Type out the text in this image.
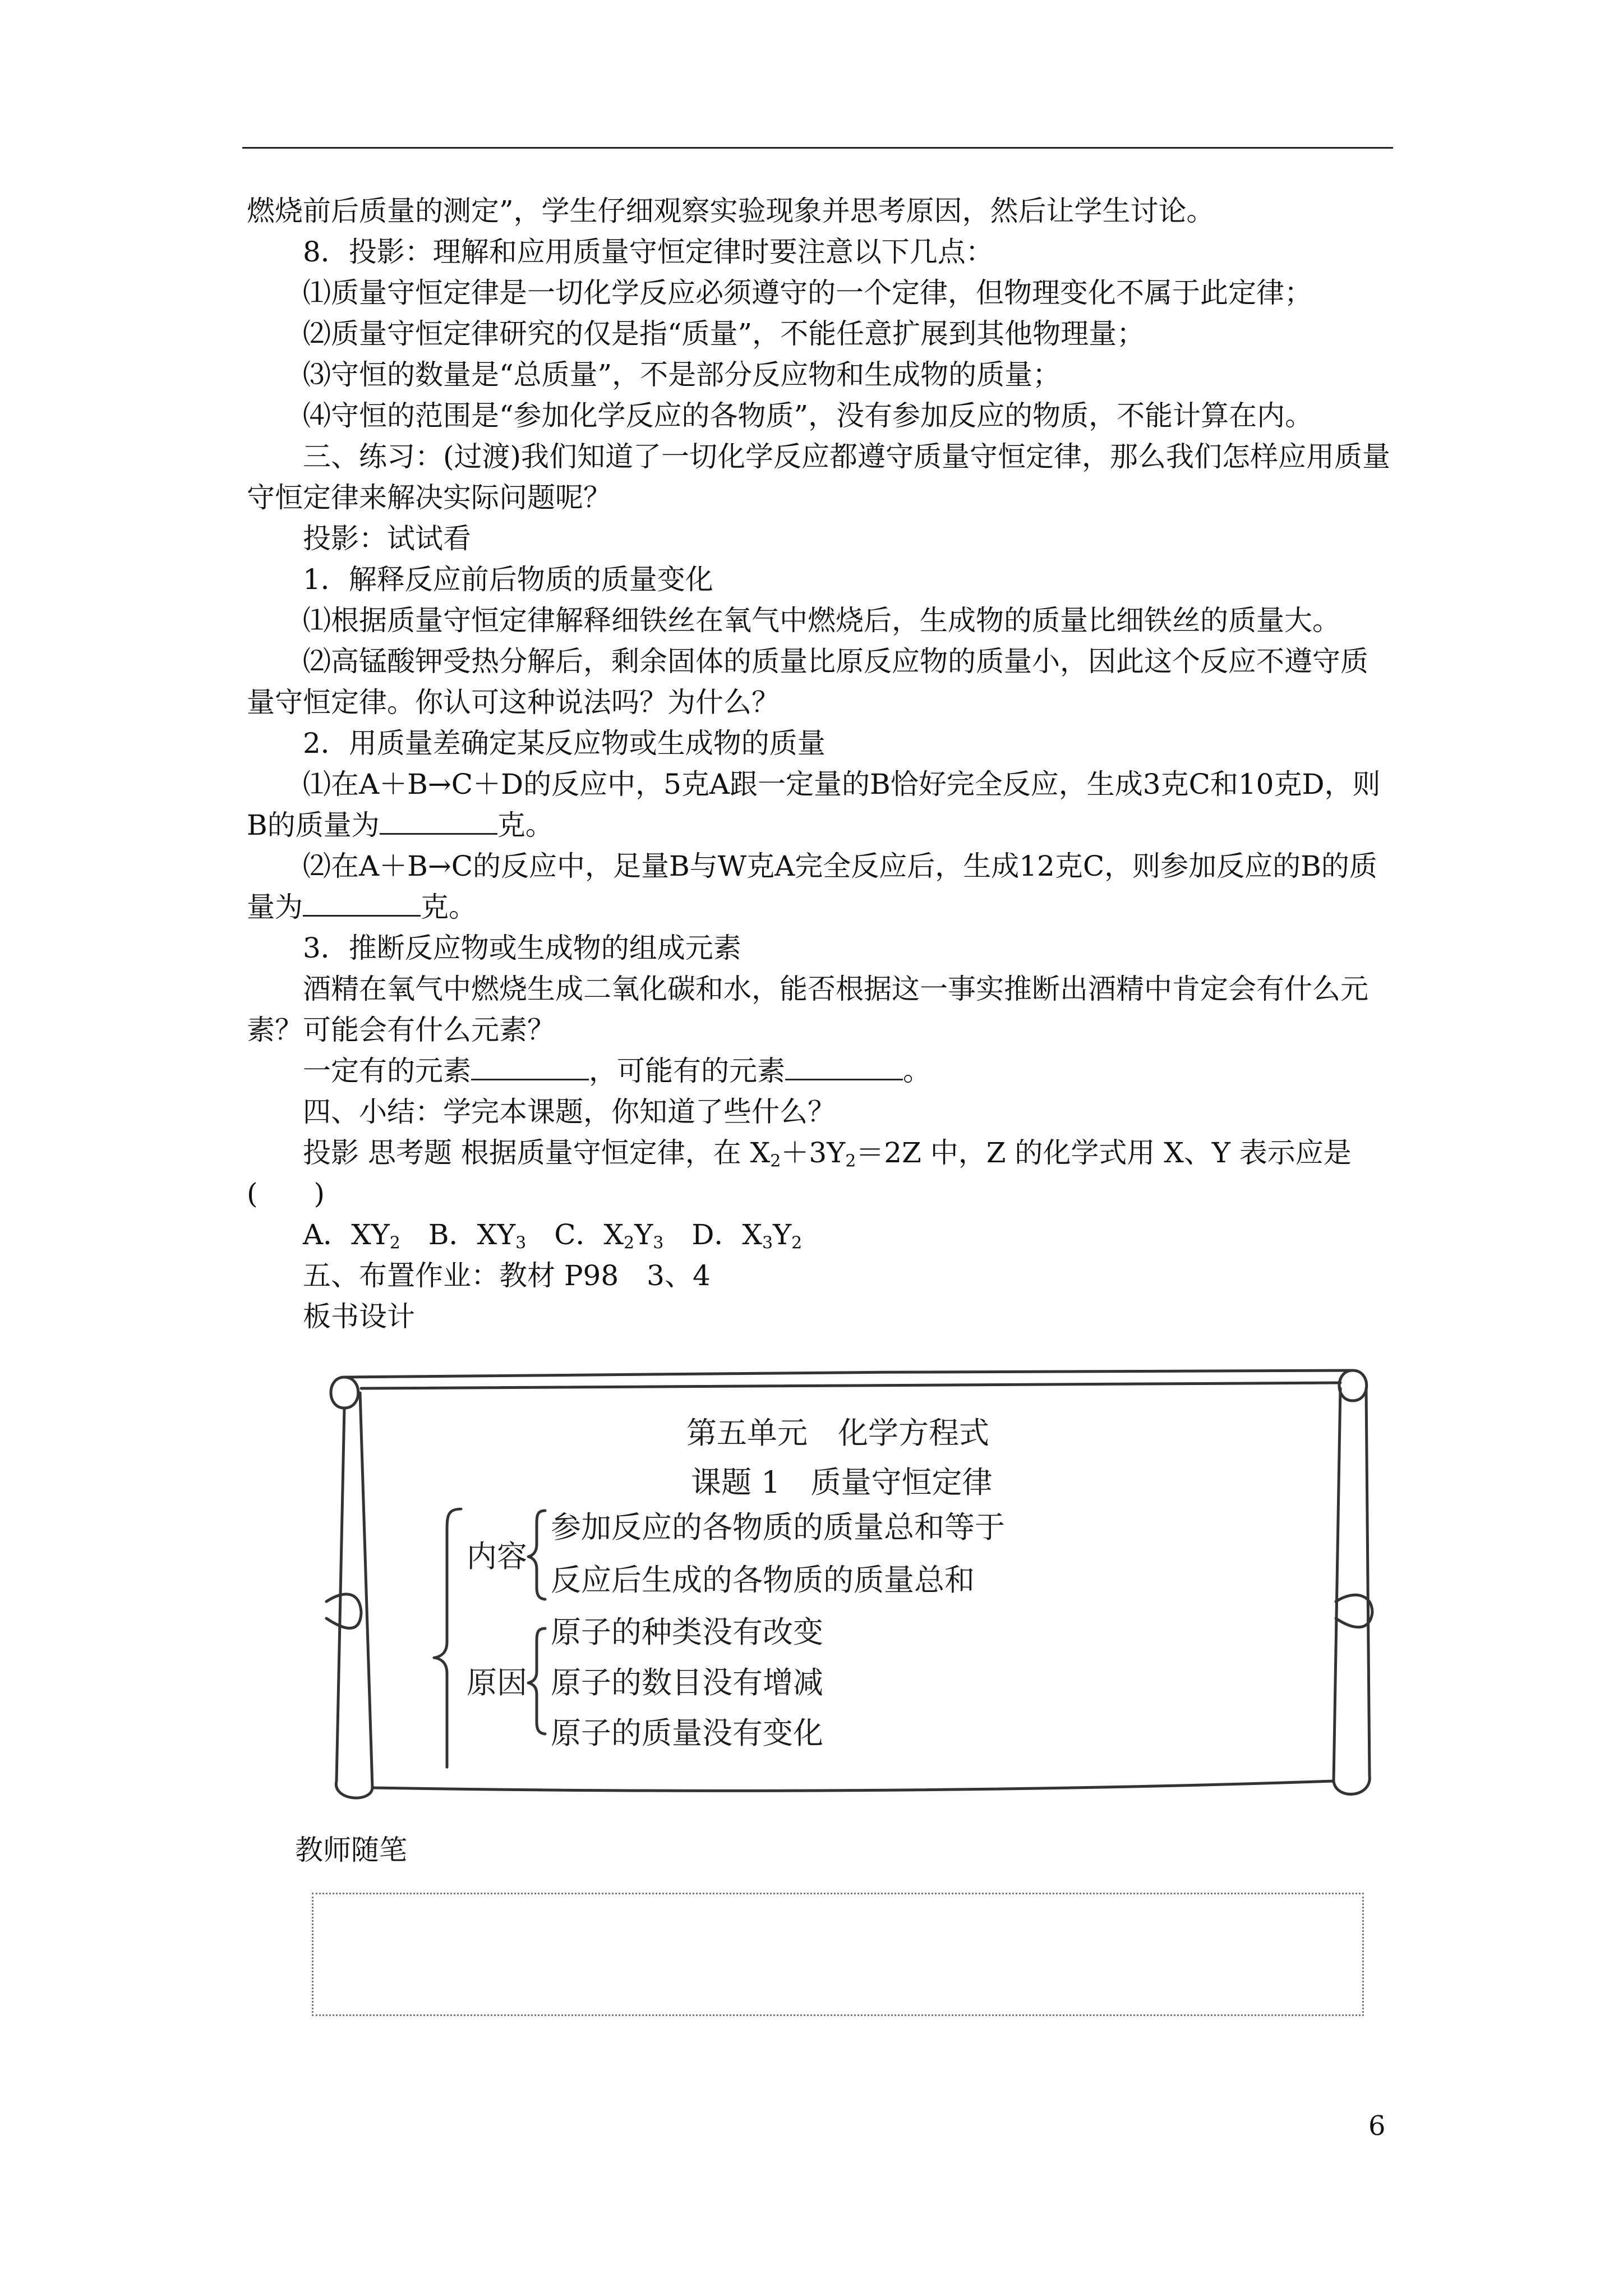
燃烧前后质量的测定”，学生仔细观察实验现象并思考原因，然后让学生讨论。

8．投影：理解和应用质量守恒定律时要注意以下几点：

⑴质量守恒定律是一切化学反应必须遵守的一个定律，但物理变化不属于此定律；

⑵质量守恒定律研究的仅是指“质量”，不能任意扩展到其他物理量；

⑶守恒的数量是“总质量”，不是部分反应物和生成物的质量；

⑷守恒的范围是“参加化学反应的各物质”，没有参加反应的物质，不能计算在内。

三、练习：(过渡)我们知道了一切化学反应都遵守质量守恒定律，那么我们怎样应用质量守恒定律来解决实际问题呢？

投影：试试看

1．解释反应前后物质的质量变化

⑴根据质量守恒定律解释细铁丝在氧气中燃烧后，生成物的质量比细铁丝的质量大。

⑵高锰酸钾受热分解后，剩余固体的质量比原反应物的质量小，因此这个反应不遵守质量守恒定律。你认可这种说法吗？为什么？

2．用质量差确定某反应物或生成物的质量

⑴在A＋B→C＋D的反应中，5克A跟一定量的B恰好完全反应，生成3克C和10克D，则B的质量为	克。

⑵在A＋B→C的反应中，足量B与W克A完全反应后，生成12克C，则参加反应的B的质量为	克。

3．推断反应物或生成物的组成元素

酒精在氧气中燃烧生成二氧化碳和水，能否根据这一事实推断出酒精中肯定会有什么元素？可能会有什么元素？

一定有的元素	，可能有的元素	。

四、小结：学完本课题，你知道了些什么？

投影 思考题 根据质量守恒定律，在 $X_2+3Y_2=2Z$ 中，Z 的化学式用 X、Y 表示应是(　　)

A．$XY_2$　B．$XY_3$　C．$X_2Y_3$　D．$X_3Y_2$

五、布置作业：教材 P98　3、4

板书设计

第五单元　化学方程式
课题 1　质量守恒定律
内容
参加反应的各物质的质量总和等于
反应后生成的各物质的质量总和
原因
原子的种类没有改变
原子的数目没有增减
原子的质量没有变化
教师随笔
6
